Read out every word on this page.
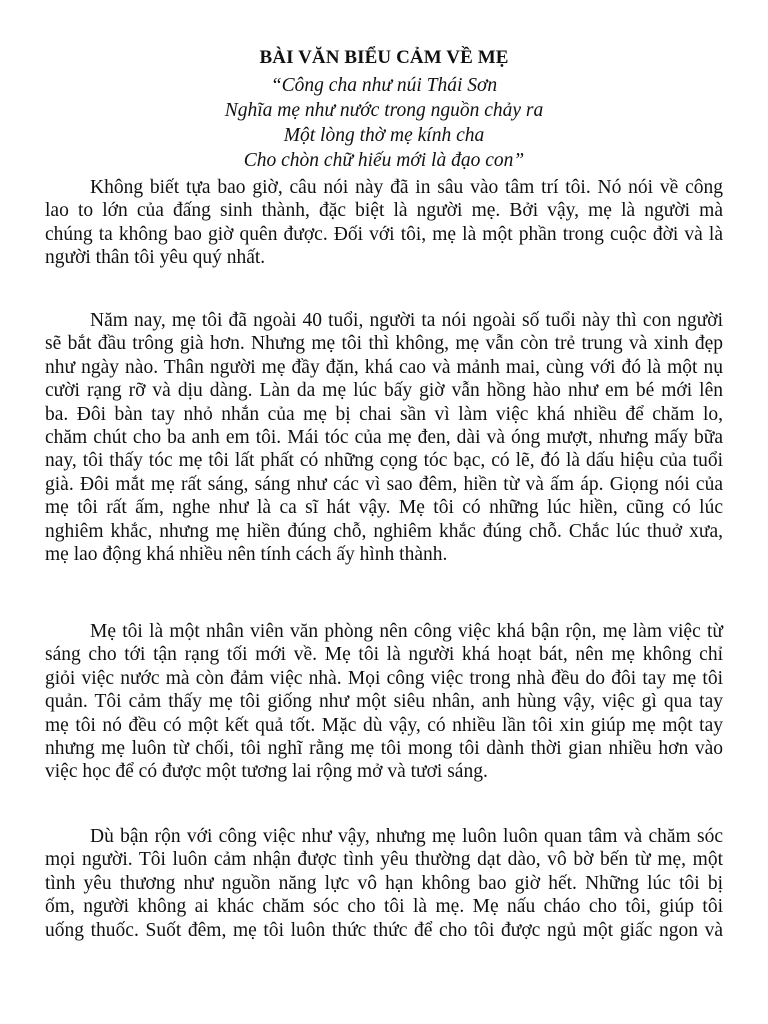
BÀI VĂN BIỂU CẢM VỀ MẸ
“Công cha như núi Thái Sơn
Nghĩa mẹ như nước trong nguồn chảy ra
Một lòng thờ mẹ kính cha
Cho chòn chữ hiếu mới là đạo con”
Không biết tựa bao giờ, câu nói này đã in sâu vào tâm trí tôi. Nó nói về công
lao to lớn của đấng sinh thành, đặc biệt là người mẹ. Bởi vậy, mẹ là người mà
chúng ta không bao giờ quên được. Đối với tôi, mẹ là một phần trong cuộc đời và là
người thân tôi yêu quý nhất.
Năm nay, mẹ tôi đã ngoài 40 tuổi, người ta nói ngoài số tuổi này thì con người
sẽ bắt đầu trông già hơn. Nhưng mẹ tôi thì không, mẹ vẫn còn trẻ trung và xinh đẹp
như ngày nào. Thân người mẹ đầy đặn, khá cao và mảnh mai, cùng với đó là một nụ
cười rạng rỡ và dịu dàng. Làn da mẹ lúc bấy giờ vẫn hồng hào như em bé mới lên
ba. Đôi bàn tay nhỏ nhắn của mẹ bị chai sần vì làm việc khá nhiều để chăm lo,
chăm chút cho ba anh em tôi. Mái tóc của mẹ đen, dài và óng mượt, nhưng mấy bữa
nay, tôi thấy tóc mẹ tôi lất phất có những cọng tóc bạc, có lẽ, đó là dấu hiệu của tuổi
già. Đôi mắt mẹ rất sáng, sáng như các vì sao đêm, hiền từ và ấm áp. Giọng nói của
mẹ tôi rất ấm, nghe như là ca sĩ hát vậy. Mẹ tôi có những lúc hiền, cũng có lúc
nghiêm khắc, nhưng mẹ hiền đúng chỗ, nghiêm khắc đúng chỗ. Chắc lúc thuở xưa,
mẹ lao động khá nhiều nên tính cách ấy hình thành.
Mẹ tôi là một nhân viên văn phòng nên công việc khá bận rộn, mẹ làm việc từ
sáng cho tới tận rạng tối mới về. Mẹ tôi là người khá hoạt bát, nên mẹ không chỉ
giỏi việc nước mà còn đảm việc nhà. Mọi công việc trong nhà đều do đôi tay mẹ tôi
quản. Tôi cảm thấy mẹ tôi giống như một siêu nhân, anh hùng vậy, việc gì qua tay
mẹ tôi nó đều có một kết quả tốt. Mặc dù vậy, có nhiều lần tôi xin giúp mẹ một tay
nhưng mẹ luôn từ chối, tôi nghĩ rằng mẹ tôi mong tôi dành thời gian nhiều hơn vào
việc học để có được một tương lai rộng mở và tươi sáng.
Dù bận rộn với công việc như vậy, nhưng mẹ luôn luôn quan tâm và chăm sóc
mọi người. Tôi luôn cảm nhận được tình yêu thường dạt dào, vô bờ bến từ mẹ, một
tình yêu thương như nguồn năng lực vô hạn không bao giờ hết. Những lúc tôi bị
ốm, người không ai khác chăm sóc cho tôi là mẹ. Mẹ nấu cháo cho tôi, giúp tôi
uống thuốc. Suốt đêm, mẹ tôi luôn thức thức để cho tôi được ngủ một giấc ngon và
